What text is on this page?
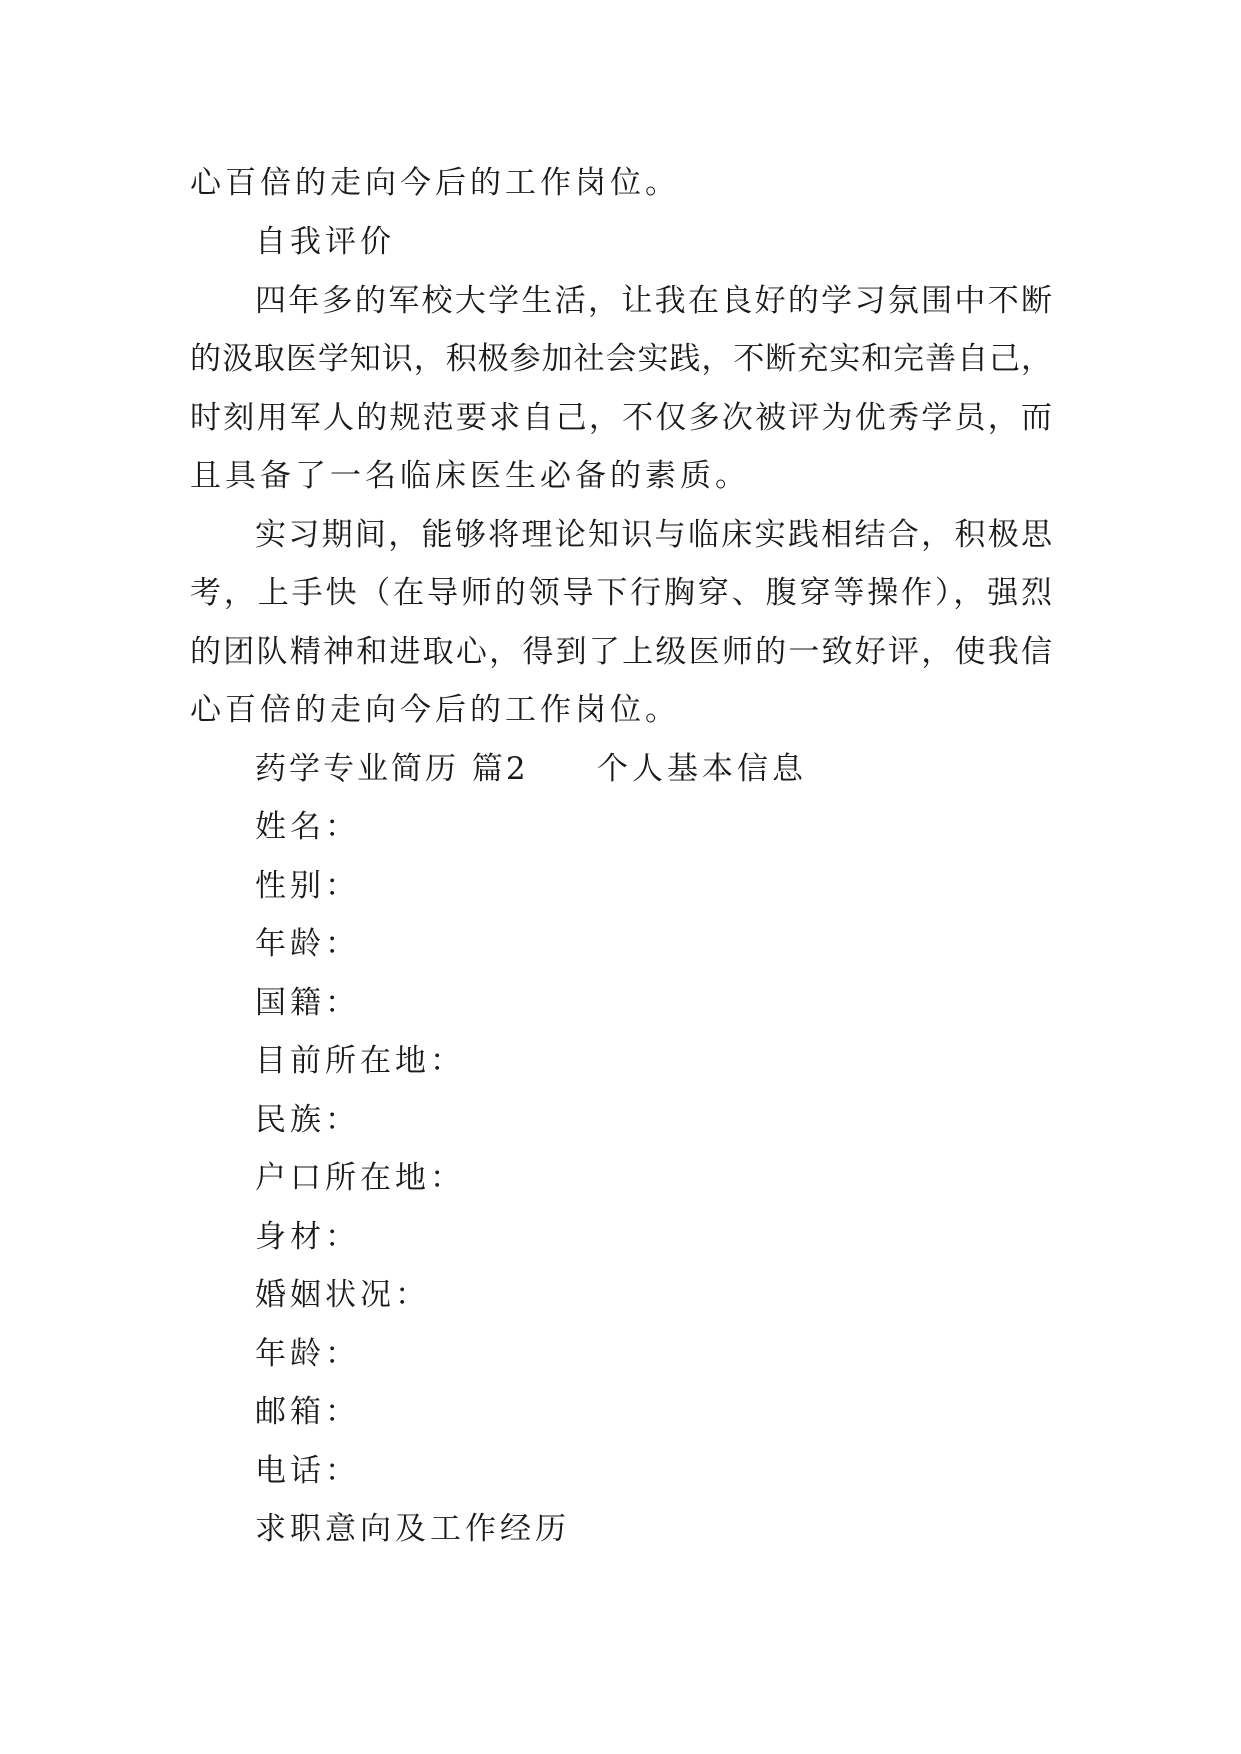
心百倍的走向今后的工作岗位。
自我评价
四年多的军校大学生活，让我在良好的学习氛围中不断
的汲取医学知识，积极参加社会实践，不断充实和完善自己，
时刻用军人的规范要求自己，不仅多次被评为优秀学员，而
且具备了一名临床医生必备的素质。
实习期间，能够将理论知识与临床实践相结合，积极思
考，上手快（在导师的领导下行胸穿、腹穿等操作），强烈
的团队精神和进取心，得到了上级医师的一致好评，使我信
心百倍的走向今后的工作岗位。
药学专业简历 篇2 个人基本信息
姓名：
性别：
年龄：
国籍：
目前所在地：
民族：
户口所在地：
身材：
婚姻状况：
年龄：
邮箱：
电话：
求职意向及工作经历
